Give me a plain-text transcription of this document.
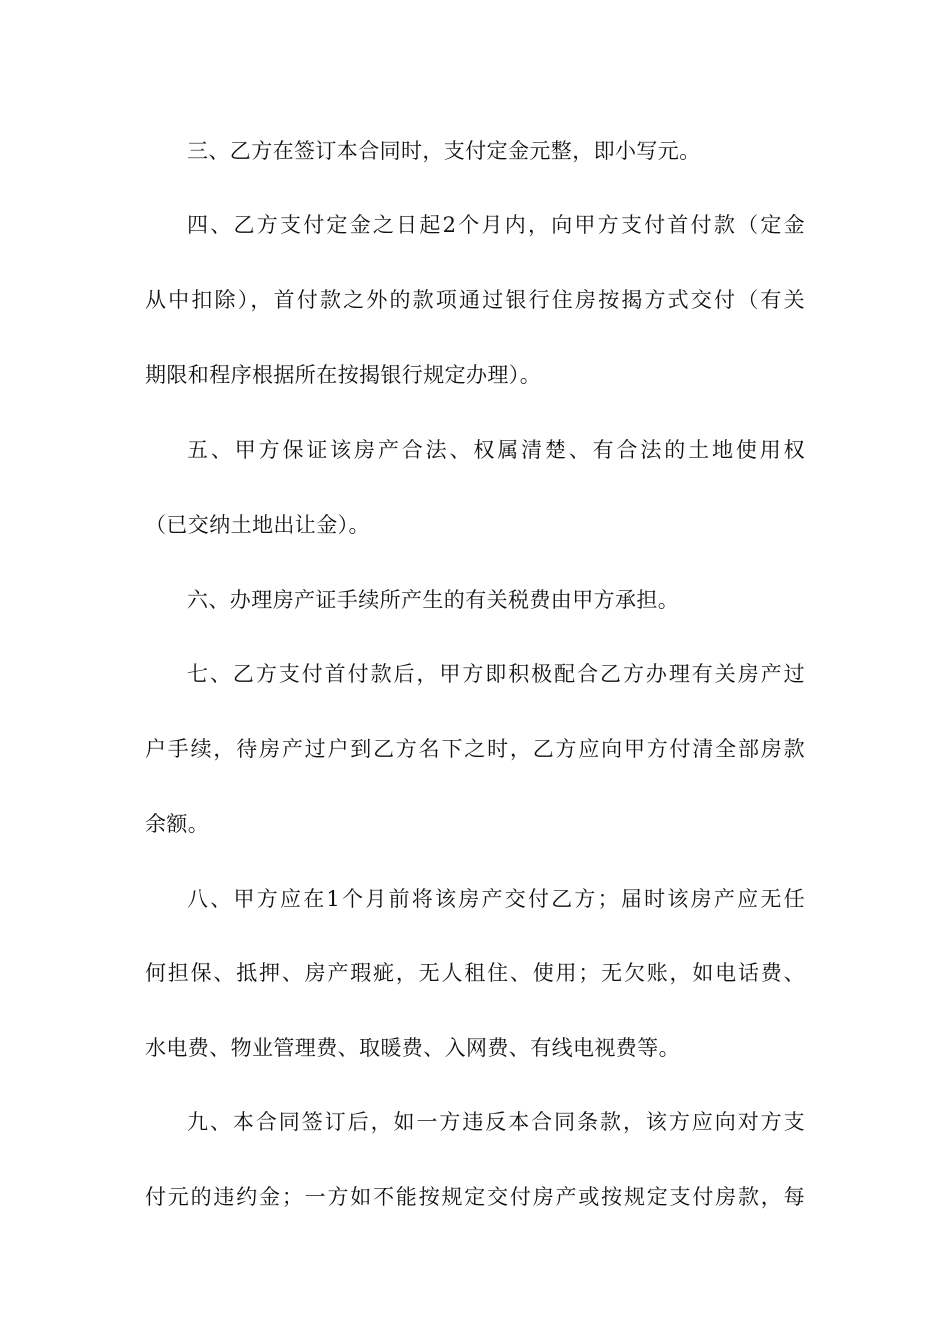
三、乙方在签订本合同时，支付定金元整，即小写元。
四、乙方支付定金之日起2个月内，向甲方支付首付款（定金
从中扣除），首付款之外的款项通过银行住房按揭方式交付（有关
期限和程序根据所在按揭银行规定办理）。
五、甲方保证该房产合法、权属清楚、有合法的土地使用权
（已交纳土地出让金）。
六、办理房产证手续所产生的有关税费由甲方承担。
七、乙方支付首付款后，甲方即积极配合乙方办理有关房产过
户手续，待房产过户到乙方名下之时，乙方应向甲方付清全部房款
余额。
八、甲方应在1个月前将该房产交付乙方；届时该房产应无任
何担保、抵押、房产瑕疵，无人租住、使用；无欠账，如电话费、
水电费、物业管理费、取暖费、入网费、有线电视费等。
九、本合同签订后，如一方违反本合同条款，该方应向对方支
付元的违约金；一方如不能按规定交付房产或按规定支付房款，每
